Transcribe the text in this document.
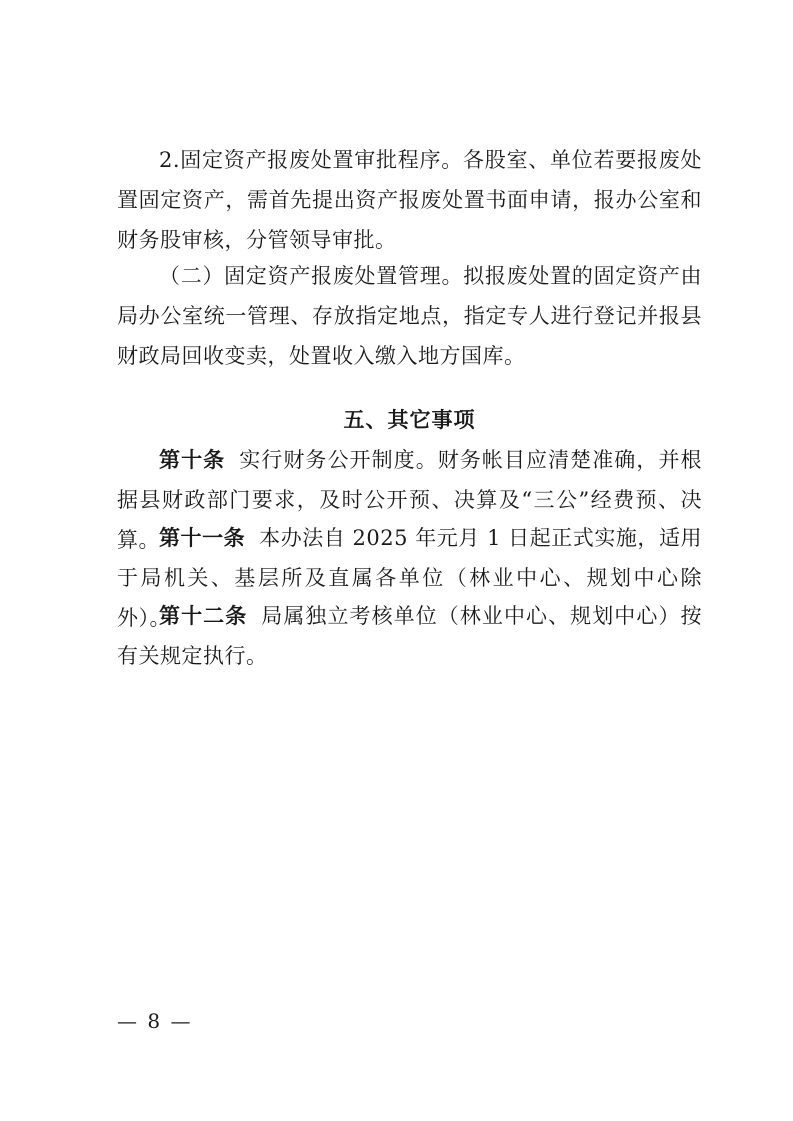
2.固定资产报废处置审批程序。各股室、单位若要报废处置固定资产，需首先提出资产报废处置书面申请，报办公室和财务股审核，分管领导审批。

（二）固定资产报废处置管理。拟报废处置的固定资产由局办公室统一管理、存放指定地点，指定专人进行登记并报县财政局回收变卖，处置收入缴入地方国库。

五、其它事项

第十条 实行财务公开制度。财务帐目应清楚准确，并根据县财政部门要求，及时公开预、决算及“三公”经费预、决算。 第十一条 本办法自 2025 年元月 1 日起正式实施，适用于局机关、基层所及直属各单位（林业中心、规划中心除外）。

第十二条 局属独立考核单位（林业中心、规划中心）按有关规定执行。

— 8 —
